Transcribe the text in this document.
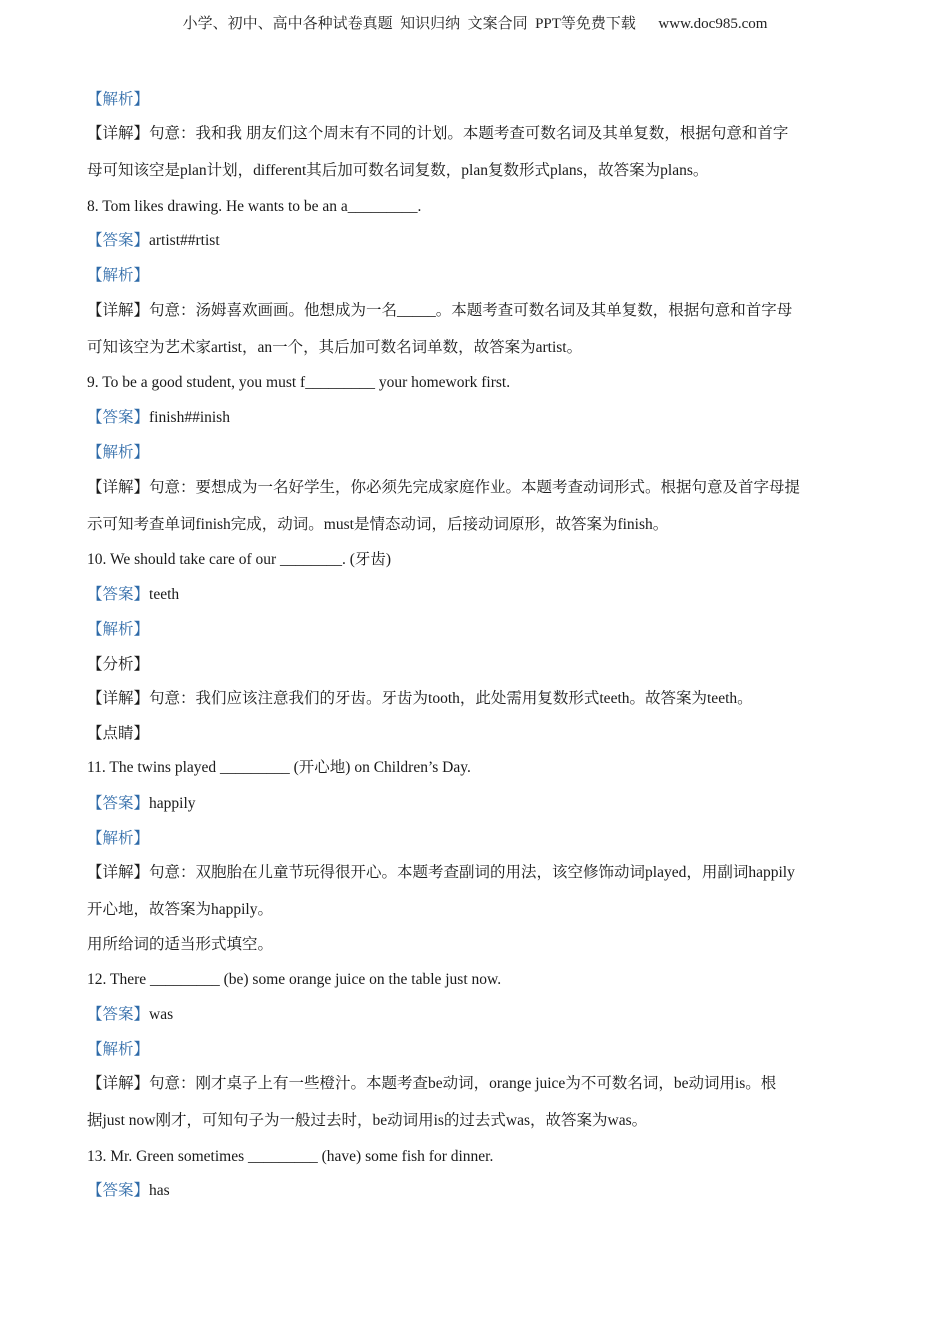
小学、初中、高中各种试卷真题  知识归纳  文案合同  PPT等免费下载      www.doc985.com
【解析】
【详解】句意：我和我 朋友们这个周末有不同的计划。本题考查可数名词及其单复数，根据句意和首字
母可知该空是plan计划，different其后加可数名词复数，plan复数形式plans，故答案为plans。
8. Tom likes drawing. He wants to be an a_________.
【答案】artist##rtist
【解析】
【详解】句意：汤姆喜欢画画。他想成为一名_____。本题考查可数名词及其单复数，根据句意和首字母
可知该空为艺术家artist，an一个，其后加可数名词单数，故答案为artist。
9. To be a good student, you must f_________ your homework first.
【答案】finish##inish
【解析】
【详解】句意：要想成为一名好学生，你必须先完成家庭作业。本题考查动词形式。根据句意及首字母提
示可知考查单词finish完成，动词。must是情态动词，后接动词原形，故答案为finish。
10. We should take care of our ________. (牙齿)
【答案】teeth
【解析】
【分析】
【详解】句意：我们应该注意我们的牙齿。牙齿为tooth，此处需用复数形式teeth。故答案为teeth。
【点睛】
11. The twins played _________ (开心地) on Children’s Day.
【答案】happily
【解析】
【详解】句意：双胞胎在儿童节玩得很开心。本题考查副词的用法，该空修饰动词played，用副词happily
开心地，故答案为happily。
用所给词的适当形式填空。
12. There _________ (be) some orange juice on the table just now.
【答案】was
【解析】
【详解】句意：刚才桌子上有一些橙汁。本题考查be动词，orange juice为不可数名词，be动词用is。根
据just now刚才，可知句子为一般过去时，be动词用is的过去式was，故答案为was。
13. Mr. Green sometimes _________ (have) some fish for dinner.
【答案】has
